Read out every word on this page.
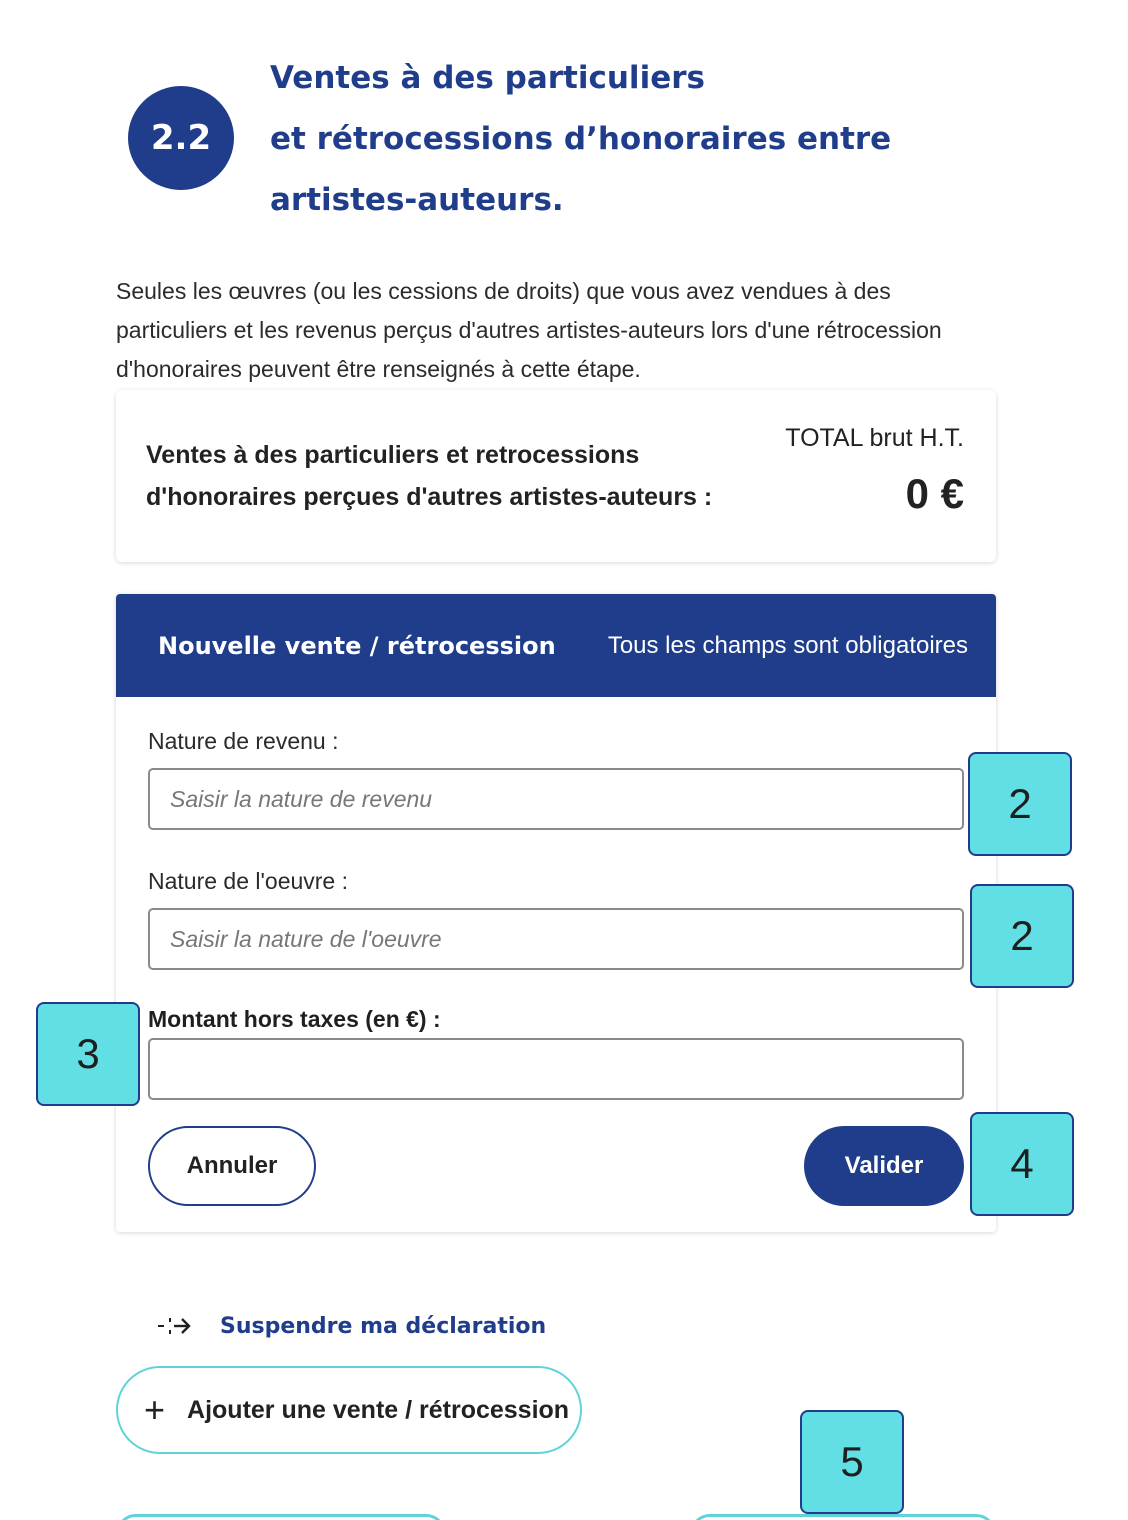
2.2
Ventes à des particuliers
et rétrocessions d’honoraires entre
artistes-auteurs.

Seules les œuvres (ou les cessions de droits) que vous avez vendues à des particuliers et les revenus perçus d'autres artistes-auteurs lors d'une rétrocession d'honoraires peuvent être renseignés à cette étape.

Ventes à des particuliers et retrocessions
d'honoraires perçues d'autres artistes-auteurs :
TOTAL brut H.T.
0 €
Nouvelle vente / rétrocession Tous les champs sont obligatoires
Nature de revenu :
Saisir la nature de revenu
Nature de l'oeuvre :
Saisir la nature de l'oeuvre
Montant hors taxes (en €) :
Annuler	Valider
Suspendre ma déclaration
+ Ajouter une vente / rétrocession
2
2
3
4
5
